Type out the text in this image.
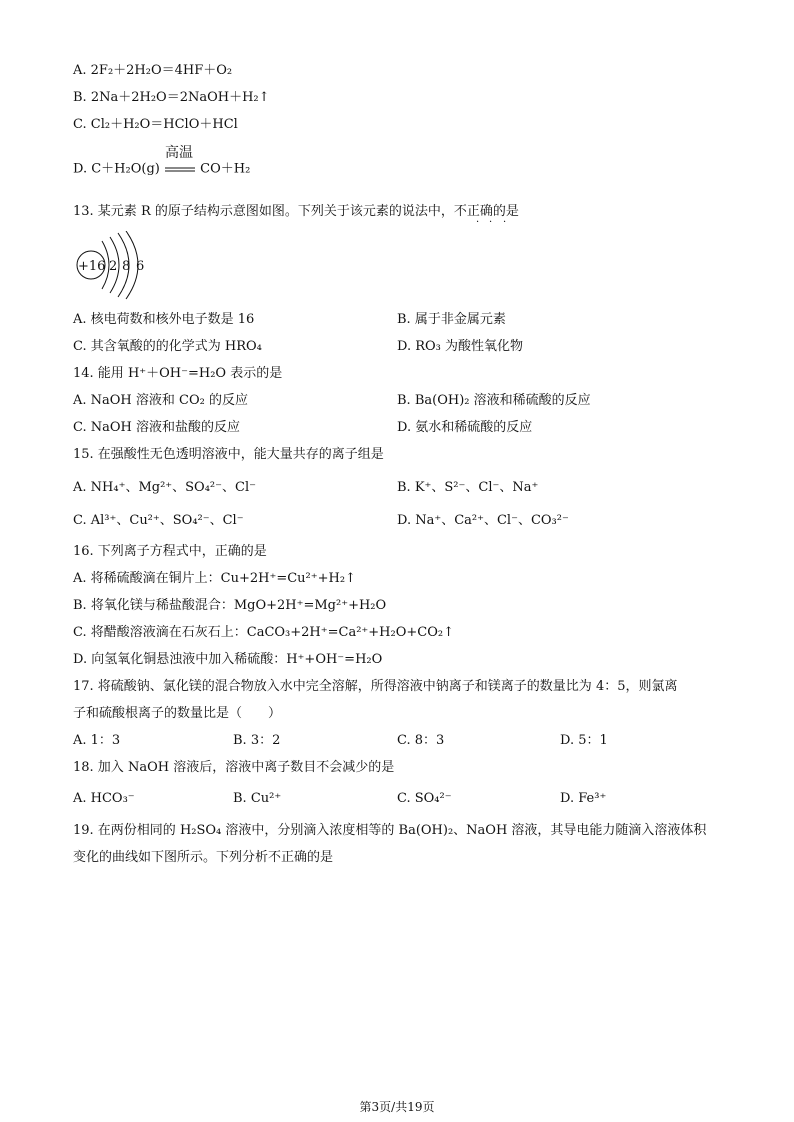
A. 2F₂＋2H₂O＝4HF＋O₂
B. 2Na＋2H₂O＝2NaOH＋H₂↑
C. Cl₂＋H₂O＝HClO＋HCl
D. C＋H₂O(g)
高温
CO＋H₂
13. 某元素 R 的原子结构示意图如图。下列关于该元素的说法中，不正确的是
· · ·
+16 2 8 6
A. 核电荷数和核外电子数是 16	B. 属于非金属元素
C. 其含氧酸的的化学式为 HRO₄	D. RO₃ 为酸性氧化物
14. 能用 H⁺＋OH⁻=H₂O 表示的是
A. NaOH 溶液和 CO₂ 的反应	B. Ba(OH)₂ 溶液和稀硫酸的反应
C. NaOH 溶液和盐酸的反应	D. 氨水和稀硫酸的反应
15. 在强酸性无色透明溶液中，能大量共存的离子组是
A. NH₄⁺、Mg²⁺、SO₄²⁻、Cl⁻	B. K⁺、S²⁻、Cl⁻、Na⁺
C. Al³⁺、Cu²⁺、SO₄²⁻、Cl⁻	D. Na⁺、Ca²⁺、Cl⁻、CO₃²⁻
16. 下列离子方程式中，正确的是
A. 将稀硫酸滴在铜片上：Cu+2H⁺=Cu²⁺+H₂↑
B. 将氧化镁与稀盐酸混合：MgO+2H⁺=Mg²⁺+H₂O
C. 将醋酸溶液滴在石灰石上：CaCO₃+2H⁺=Ca²⁺+H₂O+CO₂↑
D. 向氢氧化铜悬浊液中加入稀硫酸：H⁺+OH⁻=H₂O
17. 将硫酸钠、氯化镁的混合物放入水中完全溶解，所得溶液中钠离子和镁离子的数量比为 4：5，则氯离
子和硫酸根离子的数量比是（　　）
A. 1：3	B. 3：2	C. 8：3	D. 5：1
18. 加入 NaOH 溶液后，溶液中离子数目不会减少的是
A. HCO₃⁻	B. Cu²⁺	C. SO₄²⁻	D. Fe³⁺
19. 在两份相同的 H₂SO₄ 溶液中，分别滴入浓度相等的 Ba(OH)₂、NaOH 溶液，其导电能力随滴入溶液体积
变化的曲线如下图所示。下列分析不正确的是
第3页/共19页
